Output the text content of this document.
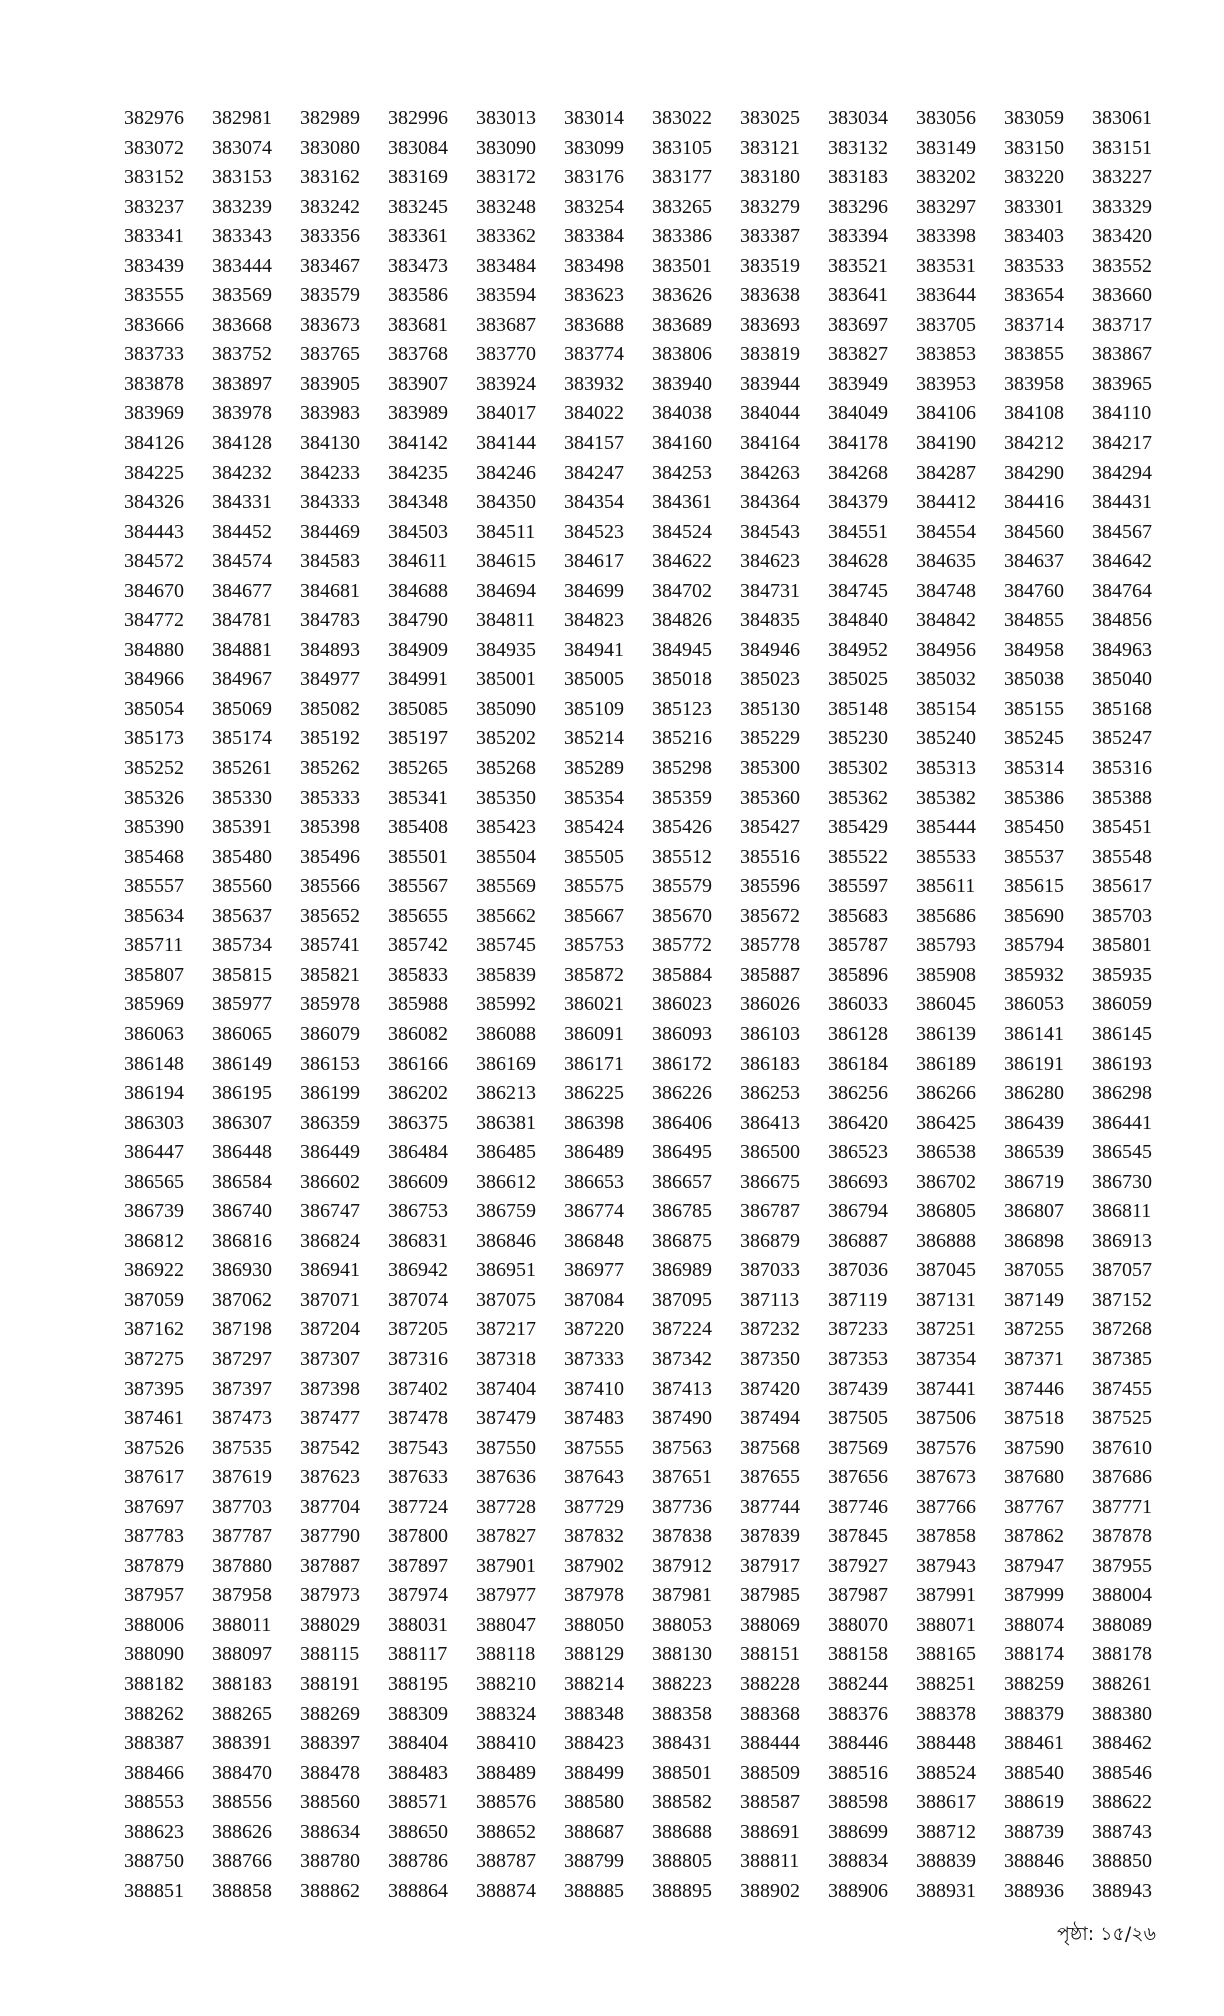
382976	382981	382989	382996	383013	383014	383022	383025	383034	383056	383059	383061
383072	383074	383080	383084	383090	383099	383105	383121	383132	383149	383150	383151
383152	383153	383162	383169	383172	383176	383177	383180	383183	383202	383220	383227
383237	383239	383242	383245	383248	383254	383265	383279	383296	383297	383301	383329
383341	383343	383356	383361	383362	383384	383386	383387	383394	383398	383403	383420
383439	383444	383467	383473	383484	383498	383501	383519	383521	383531	383533	383552
383555	383569	383579	383586	383594	383623	383626	383638	383641	383644	383654	383660
383666	383668	383673	383681	383687	383688	383689	383693	383697	383705	383714	383717
383733	383752	383765	383768	383770	383774	383806	383819	383827	383853	383855	383867
383878	383897	383905	383907	383924	383932	383940	383944	383949	383953	383958	383965
383969	383978	383983	383989	384017	384022	384038	384044	384049	384106	384108	384110
384126	384128	384130	384142	384144	384157	384160	384164	384178	384190	384212	384217
384225	384232	384233	384235	384246	384247	384253	384263	384268	384287	384290	384294
384326	384331	384333	384348	384350	384354	384361	384364	384379	384412	384416	384431
384443	384452	384469	384503	384511	384523	384524	384543	384551	384554	384560	384567
384572	384574	384583	384611	384615	384617	384622	384623	384628	384635	384637	384642
384670	384677	384681	384688	384694	384699	384702	384731	384745	384748	384760	384764
384772	384781	384783	384790	384811	384823	384826	384835	384840	384842	384855	384856
384880	384881	384893	384909	384935	384941	384945	384946	384952	384956	384958	384963
384966	384967	384977	384991	385001	385005	385018	385023	385025	385032	385038	385040
385054	385069	385082	385085	385090	385109	385123	385130	385148	385154	385155	385168
385173	385174	385192	385197	385202	385214	385216	385229	385230	385240	385245	385247
385252	385261	385262	385265	385268	385289	385298	385300	385302	385313	385314	385316
385326	385330	385333	385341	385350	385354	385359	385360	385362	385382	385386	385388
385390	385391	385398	385408	385423	385424	385426	385427	385429	385444	385450	385451
385468	385480	385496	385501	385504	385505	385512	385516	385522	385533	385537	385548
385557	385560	385566	385567	385569	385575	385579	385596	385597	385611	385615	385617
385634	385637	385652	385655	385662	385667	385670	385672	385683	385686	385690	385703
385711	385734	385741	385742	385745	385753	385772	385778	385787	385793	385794	385801
385807	385815	385821	385833	385839	385872	385884	385887	385896	385908	385932	385935
385969	385977	385978	385988	385992	386021	386023	386026	386033	386045	386053	386059
386063	386065	386079	386082	386088	386091	386093	386103	386128	386139	386141	386145
386148	386149	386153	386166	386169	386171	386172	386183	386184	386189	386191	386193
386194	386195	386199	386202	386213	386225	386226	386253	386256	386266	386280	386298
386303	386307	386359	386375	386381	386398	386406	386413	386420	386425	386439	386441
386447	386448	386449	386484	386485	386489	386495	386500	386523	386538	386539	386545
386565	386584	386602	386609	386612	386653	386657	386675	386693	386702	386719	386730
386739	386740	386747	386753	386759	386774	386785	386787	386794	386805	386807	386811
386812	386816	386824	386831	386846	386848	386875	386879	386887	386888	386898	386913
386922	386930	386941	386942	386951	386977	386989	387033	387036	387045	387055	387057
387059	387062	387071	387074	387075	387084	387095	387113	387119	387131	387149	387152
387162	387198	387204	387205	387217	387220	387224	387232	387233	387251	387255	387268
387275	387297	387307	387316	387318	387333	387342	387350	387353	387354	387371	387385
387395	387397	387398	387402	387404	387410	387413	387420	387439	387441	387446	387455
387461	387473	387477	387478	387479	387483	387490	387494	387505	387506	387518	387525
387526	387535	387542	387543	387550	387555	387563	387568	387569	387576	387590	387610
387617	387619	387623	387633	387636	387643	387651	387655	387656	387673	387680	387686
387697	387703	387704	387724	387728	387729	387736	387744	387746	387766	387767	387771
387783	387787	387790	387800	387827	387832	387838	387839	387845	387858	387862	387878
387879	387880	387887	387897	387901	387902	387912	387917	387927	387943	387947	387955
387957	387958	387973	387974	387977	387978	387981	387985	387987	387991	387999	388004
388006	388011	388029	388031	388047	388050	388053	388069	388070	388071	388074	388089
388090	388097	388115	388117	388118	388129	388130	388151	388158	388165	388174	388178
388182	388183	388191	388195	388210	388214	388223	388228	388244	388251	388259	388261
388262	388265	388269	388309	388324	388348	388358	388368	388376	388378	388379	388380
388387	388391	388397	388404	388410	388423	388431	388444	388446	388448	388461	388462
388466	388470	388478	388483	388489	388499	388501	388509	388516	388524	388540	388546
388553	388556	388560	388571	388576	388580	388582	388587	388598	388617	388619	388622
388623	388626	388634	388650	388652	388687	388688	388691	388699	388712	388739	388743
388750	388766	388780	388786	388787	388799	388805	388811	388834	388839	388846	388850
388851	388858	388862	388864	388874	388885	388895	388902	388906	388931	388936	388943
পৃষ্ঠা: ১৫/২৬
